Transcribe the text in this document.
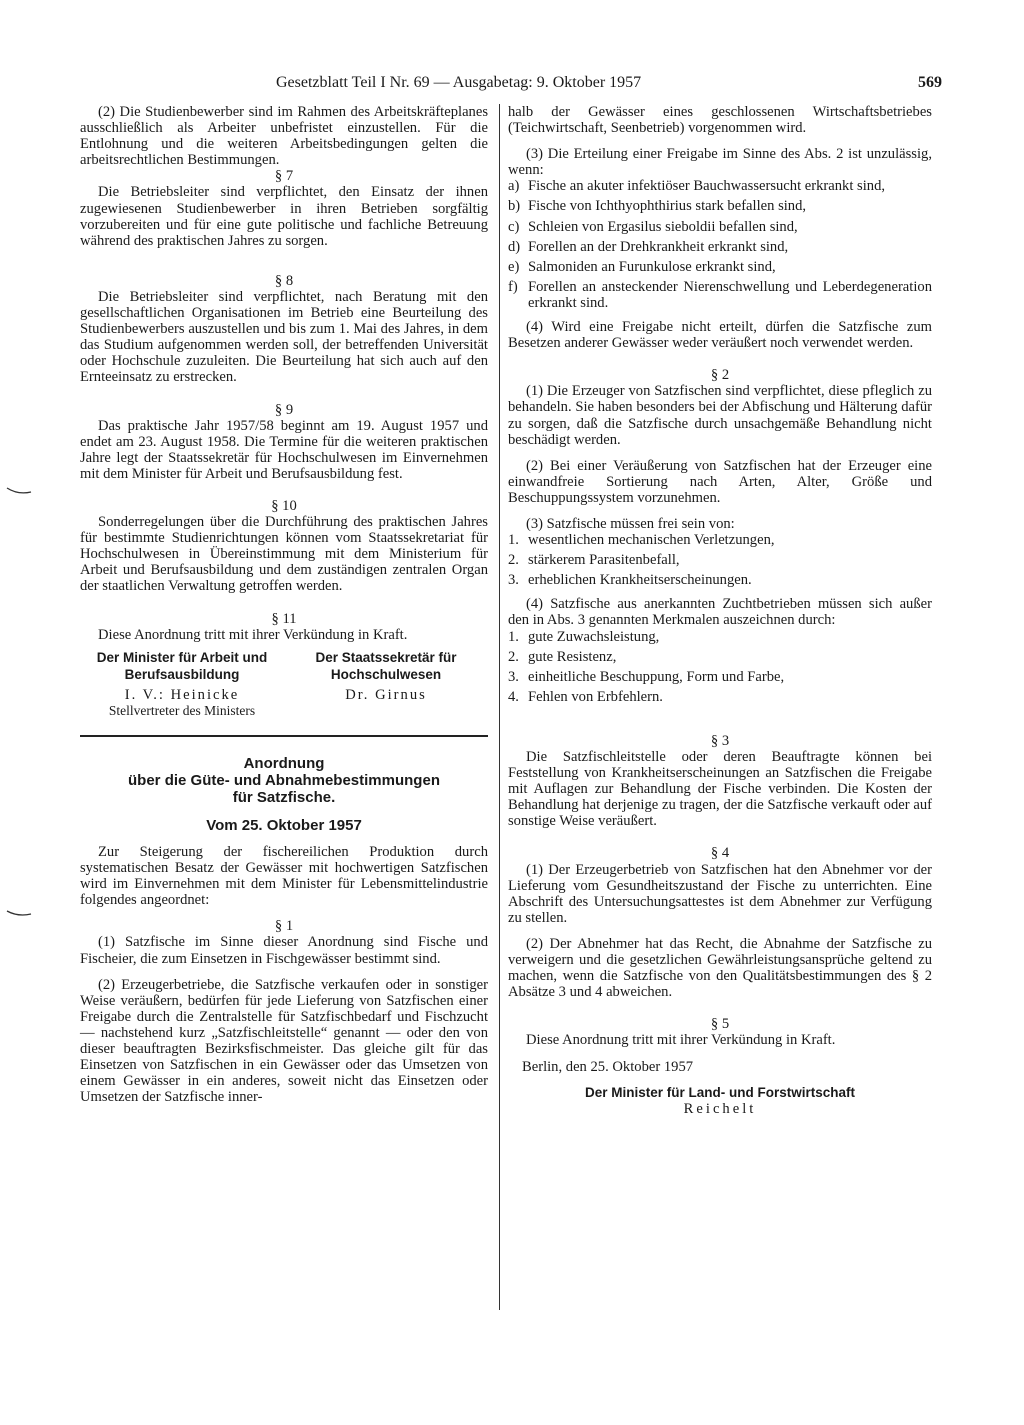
Gesetzblatt Teil I Nr. 69 — Ausgabetag: 9. Oktober 1957	569

(2) Die Studienbewerber sind im Rahmen des Arbeitskräfteplanes ausschließlich als Arbeiter unbefristet einzustellen. Für die Entlohnung und die weiteren Arbeitsbedingungen gelten die arbeitsrechtlichen Bestimmungen.

§ 7

Die Betriebsleiter sind verpflichtet, den Einsatz der ihnen zugewiesenen Studienbewerber in ihren Betrieben sorgfältig vorzubereiten und für eine gute politische und fachliche Betreuung während des praktischen Jahres zu sorgen.

§ 8

Die Betriebsleiter sind verpflichtet, nach Beratung mit den gesellschaftlichen Organisationen im Betrieb eine Beurteilung des Studienbewerbers auszustellen und bis zum 1. Mai des Jahres, in dem das Studium aufgenommen werden soll, der betreffenden Universität oder Hochschule zuzuleiten. Die Beurteilung hat sich auch auf den Ernteeinsatz zu erstrecken.

§ 9

Das praktische Jahr 1957/58 beginnt am 19. August 1957 und endet am 23. August 1958. Die Termine für die weiteren praktischen Jahre legt der Staatssekretär für Hochschulwesen im Einvernehmen mit dem Minister für Arbeit und Berufsausbildung fest.

§ 10

Sonderregelungen über die Durchführung des praktischen Jahres für bestimmte Studienrichtungen können vom Staatssekretariat für Hochschulwesen in Übereinstimmung mit dem Ministerium für Arbeit und Berufsausbildung und dem zuständigen zentralen Organ der staatlichen Verwaltung getroffen werden.

§ 11

Diese Anordnung tritt mit ihrer Verkündung in Kraft.

Der Minister für Arbeit und Berufsausbildung
I. V.: Heinicke
Stellvertreter des Ministers
Der Staatssekretär für Hochschulwesen
Dr. Girnus
Anordnung
über die Güte- und Abnahmebestimmungen
für Satzfische.
Vom 25. Oktober 1957

Zur Steigerung der fischereilichen Produktion durch systematischen Besatz der Gewässer mit hochwertigen Satzfischen wird im Einvernehmen mit dem Minister für Lebensmittelindustrie folgendes angeordnet:

§ 1

(1) Satzfische im Sinne dieser Anordnung sind Fische und Fischeier, die zum Einsetzen in Fischgewässer bestimmt sind.

(2) Erzeugerbetriebe, die Satzfische verkaufen oder in sonstiger Weise veräußern, bedürfen für jede Lieferung von Satzfischen einer Freigabe durch die Zentralstelle für Satzfischbedarf und Fischzucht — nachstehend kurz „Satzfischleitstelle“ genannt — oder den von dieser beauftragten Bezirksfischmeister. Das gleiche gilt für das Einsetzen von Satzfischen in ein Gewässer oder das Umsetzen von einem Gewässer in ein anderes, soweit nicht das Einsetzen oder Umsetzen der Satzfische inner-

halb der Gewässer eines geschlossenen Wirtschaftsbetriebes (Teichwirtschaft, Seenbetrieb) vorgenommen wird.

(3) Die Erteilung einer Freigabe im Sinne des Abs. 2 ist unzulässig, wenn:

a) Fische an akuter infektiöser Bauchwassersucht erkrankt sind,
b) Fische von Ichthyophthirius stark befallen sind,
c) Schleien von Ergasilus sieboldii befallen sind,
d) Forellen an der Drehkrankheit erkrankt sind,
e) Salmoniden an Furunkulose erkrankt sind,
f) Forellen an ansteckender Nierenschwellung und Leberdegeneration erkrankt sind.

(4) Wird eine Freigabe nicht erteilt, dürfen die Satzfische zum Besetzen anderer Gewässer weder veräußert noch verwendet werden.

§ 2

(1) Die Erzeuger von Satzfischen sind verpflichtet, diese pfleglich zu behandeln. Sie haben besonders bei der Abfischung und Hälterung dafür zu sorgen, daß die Satzfische durch unsachgemäße Behandlung nicht beschädigt werden.

(2) Bei einer Veräußerung von Satzfischen hat der Erzeuger eine einwandfreie Sortierung nach Arten, Alter, Größe und Beschuppungssystem vorzunehmen.

(3) Satzfische müssen frei sein von:

1. wesentlichen mechanischen Verletzungen,
2. stärkerem Parasitenbefall,
3. erheblichen Krankheitserscheinungen.

(4) Satzfische aus anerkannten Zuchtbetrieben müssen sich außer den in Abs. 3 genannten Merkmalen auszeichnen durch:

1. gute Zuwachsleistung,
2. gute Resistenz,
3. einheitliche Beschuppung, Form und Farbe,
4. Fehlen von Erbfehlern.
§ 3

Die Satzfischleitstelle oder deren Beauftragte können bei Feststellung von Krankheitserscheinungen an Satzfischen die Freigabe mit Auflagen zur Behandlung der Fische verbinden. Die Kosten der Behandlung hat derjenige zu tragen, der die Satzfische verkauft oder auf sonstige Weise veräußert.

§ 4

(1) Der Erzeugerbetrieb von Satzfischen hat den Abnehmer vor der Lieferung vom Gesundheitszustand der Fische zu unterrichten. Eine Abschrift des Untersuchungsattestes ist dem Abnehmer zur Verfügung zu stellen.

(2) Der Abnehmer hat das Recht, die Abnahme der Satzfische zu verweigern und die gesetzlichen Gewährleistungsansprüche geltend zu machen, wenn die Satzfische von den Qualitätsbestimmungen des § 2 Absätze 3 und 4 abweichen.

§ 5

Diese Anordnung tritt mit ihrer Verkündung in Kraft.

Berlin, den 25. Oktober 1957

Der Minister für Land- und Forstwirtschaft
Reichelt
